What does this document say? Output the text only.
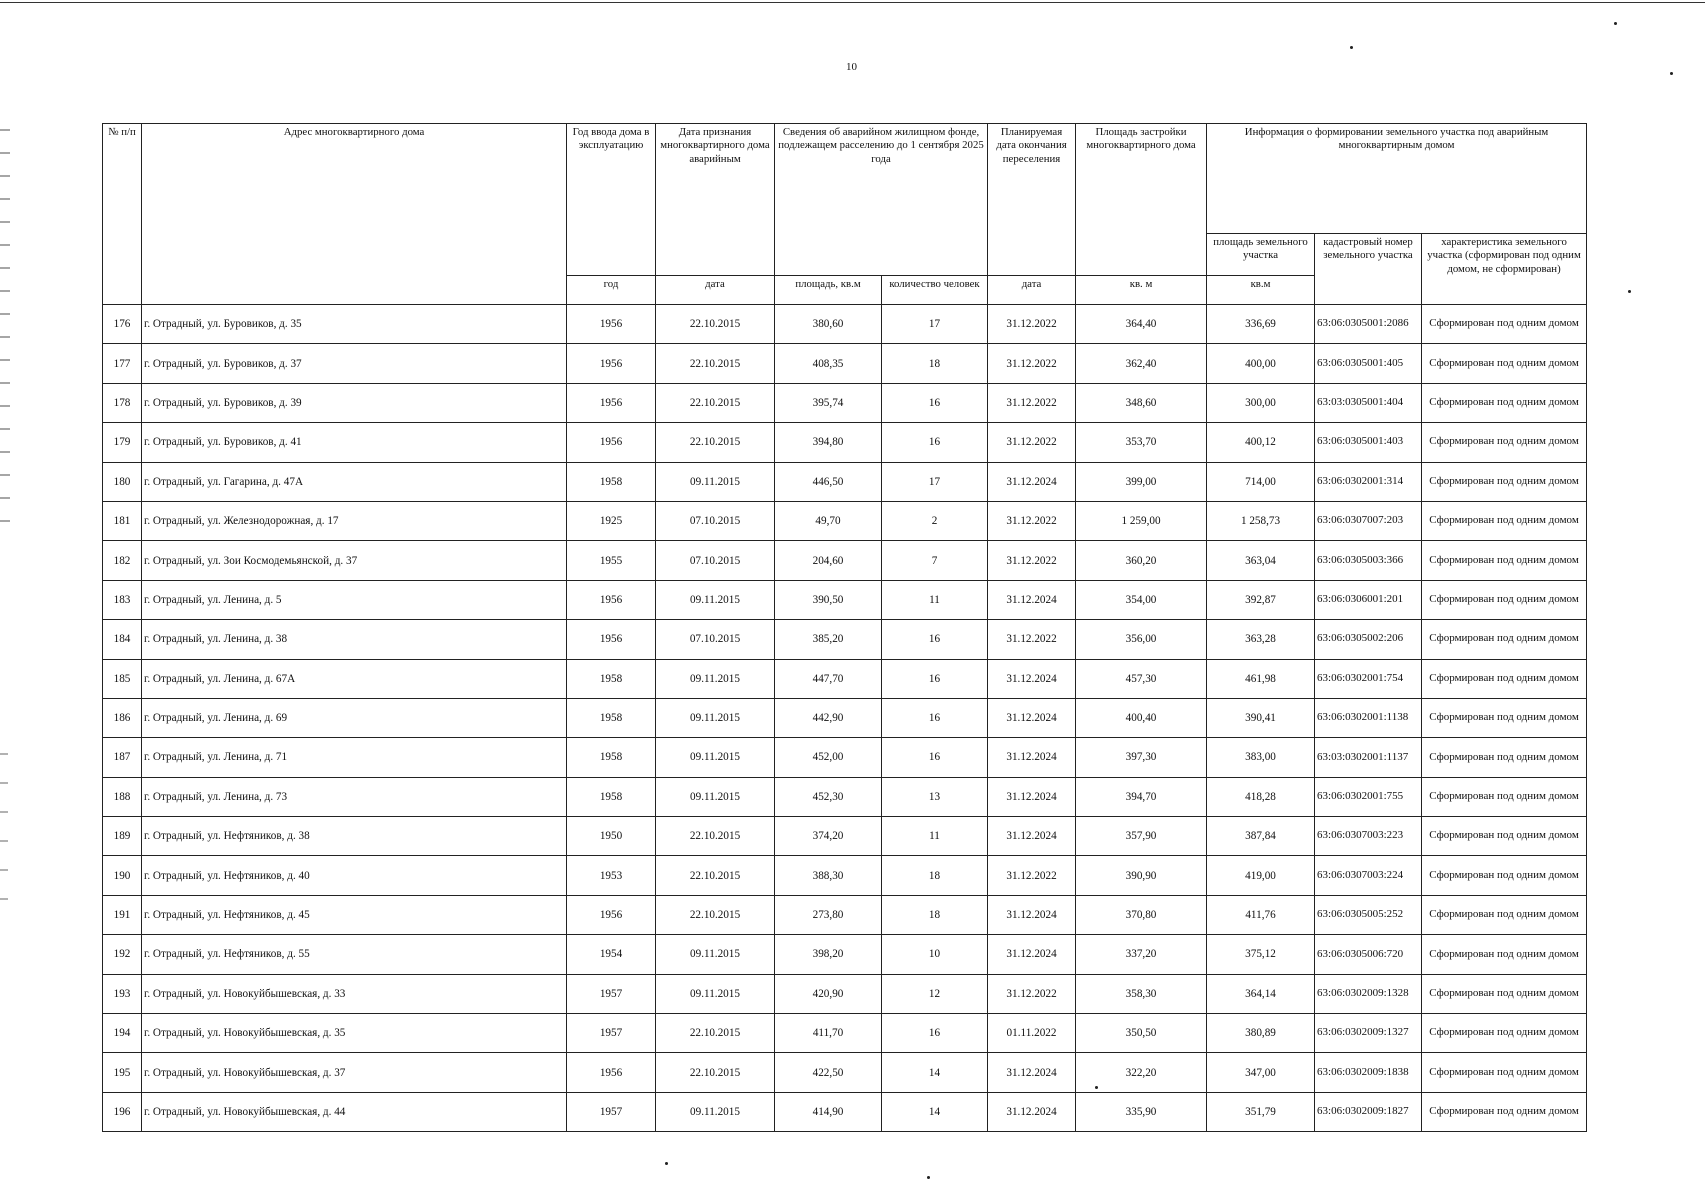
10
№ п/п	Адрес многоквартирного дома	Год ввода дома в эксплуатацию	Дата признания многоквартирного дома аварийным	Сведения об аварийном жилищном фонде, подлежащем расселению до 1 сентября 2025 года		Планируемая дата окончания переселения	Площадь застройки многоквартирного дома	Информация о формировании земельного участка под аварийным многоквартирным домом		
								площадь земельного участка	кадастровый номер земельного участка	характеристика земельного участка (сформирован под одним домом, не сформирован)
		год	дата	площадь, кв.м	количество человек	дата	кв. м	кв.м		
176	г. Отрадный, ул. Буровиков, д. 35	1956	22.10.2015	380,60	17	31.12.2022	364,40	336,69	63:06:0305001:2086	Сформирован под одним домом
177	г. Отрадный, ул. Буровиков, д. 37	1956	22.10.2015	408,35	18	31.12.2022	362,40	400,00	63:06:0305001:405	Сформирован под одним домом
178	г. Отрадный, ул. Буровиков, д. 39	1956	22.10.2015	395,74	16	31.12.2022	348,60	300,00	63:03:0305001:404	Сформирован под одним домом
179	г. Отрадный, ул. Буровиков, д. 41	1956	22.10.2015	394,80	16	31.12.2022	353,70	400,12	63:06:0305001:403	Сформирован под одним домом
180	г. Отрадный, ул. Гагарина, д. 47А	1958	09.11.2015	446,50	17	31.12.2024	399,00	714,00	63:06:0302001:314	Сформирован под одним домом
181	г. Отрадный, ул. Железнодорожная, д. 17	1925	07.10.2015	49,70	2	31.12.2022	1 259,00	1 258,73	63:06:0307007:203	Сформирован под одним домом
182	г. Отрадный, ул. Зои Космодемьянской, д. 37	1955	07.10.2015	204,60	7	31.12.2022	360,20	363,04	63:06:0305003:366	Сформирован под одним домом
183	г. Отрадный, ул. Ленина, д. 5	1956	09.11.2015	390,50	11	31.12.2024	354,00	392,87	63:06:0306001:201	Сформирован под одним домом
184	г. Отрадный, ул. Ленина, д. 38	1956	07.10.2015	385,20	16	31.12.2022	356,00	363,28	63:06:0305002:206	Сформирован под одним домом
185	г. Отрадный, ул. Ленина, д. 67А	1958	09.11.2015	447,70	16	31.12.2024	457,30	461,98	63:06:0302001:754	Сформирован под одним домом
186	г. Отрадный, ул. Ленина, д. 69	1958	09.11.2015	442,90	16	31.12.2024	400,40	390,41	63:06:0302001:1138	Сформирован под одним домом
187	г. Отрадный, ул. Ленина, д. 71	1958	09.11.2015	452,00	16	31.12.2024	397,30	383,00	63:03:0302001:1137	Сформирован под одним домом
188	г. Отрадный, ул. Ленина, д. 73	1958	09.11.2015	452,30	13	31.12.2024	394,70	418,28	63:06:0302001:755	Сформирован под одним домом
189	г. Отрадный, ул. Нефтяников, д. 38	1950	22.10.2015	374,20	11	31.12.2024	357,90	387,84	63:06:0307003:223	Сформирован под одним домом
190	г. Отрадный, ул. Нефтяников, д. 40	1953	22.10.2015	388,30	18	31.12.2022	390,90	419,00	63:06:0307003:224	Сформирован под одним домом
191	г. Отрадный, ул. Нефтяников, д. 45	1956	22.10.2015	273,80	18	31.12.2024	370,80	411,76	63:06:0305005:252	Сформирован под одним домом
192	г. Отрадный, ул. Нефтяников, д. 55	1954	09.11.2015	398,20	10	31.12.2024	337,20	375,12	63:06:0305006:720	Сформирован под одним домом
193	г. Отрадный, ул. Новокуйбышевская, д. 33	1957	09.11.2015	420,90	12	31.12.2022	358,30	364,14	63:06:0302009:1328	Сформирован под одним домом
194	г. Отрадный, ул. Новокуйбышевская, д. 35	1957	22.10.2015	411,70	16	01.11.2022	350,50	380,89	63:06:0302009:1327	Сформирован под одним домом
195	г. Отрадный, ул. Новокуйбышевская, д. 37	1956	22.10.2015	422,50	14	31.12.2024	322,20	347,00	63:06:0302009:1838	Сформирован под одним домом
196	г. Отрадный, ул. Новокуйбышевская, д. 44	1957	09.11.2015	414,90	14	31.12.2024	335,90	351,79	63:06:0302009:1827	Сформирован под одним домом
